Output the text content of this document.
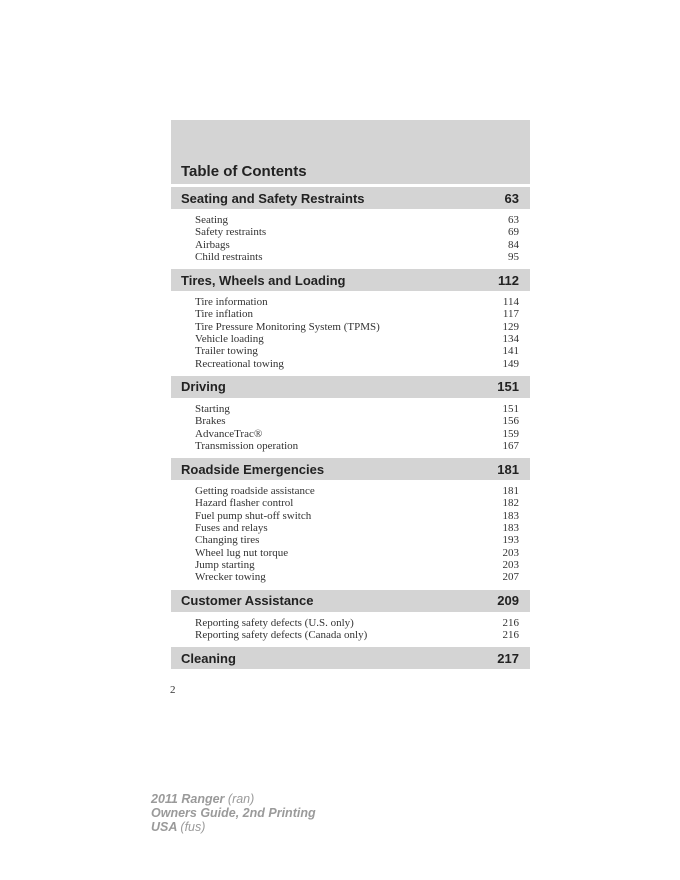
Table of Contents
Seating and Safety Restraints	63
Seating	63
Safety restraints	69
Airbags	84
Child restraints	95
Tires, Wheels and Loading	112
Tire information	114
Tire inflation	117
Tire Pressure Monitoring System (TPMS)	129
Vehicle loading	134
Trailer towing	141
Recreational towing	149
Driving	151
Starting	151
Brakes	156
AdvanceTrac®	159
Transmission operation	167
Roadside Emergencies	181
Getting roadside assistance	181
Hazard flasher control	182
Fuel pump shut-off switch	183
Fuses and relays	183
Changing tires	193
Wheel lug nut torque	203
Jump starting	203
Wrecker towing	207
Customer Assistance	209
Reporting safety defects (U.S. only)	216
Reporting safety defects (Canada only)	216
Cleaning	217
2
2011 Ranger (ran)
Owners Guide, 2nd Printing
USA (fus)
